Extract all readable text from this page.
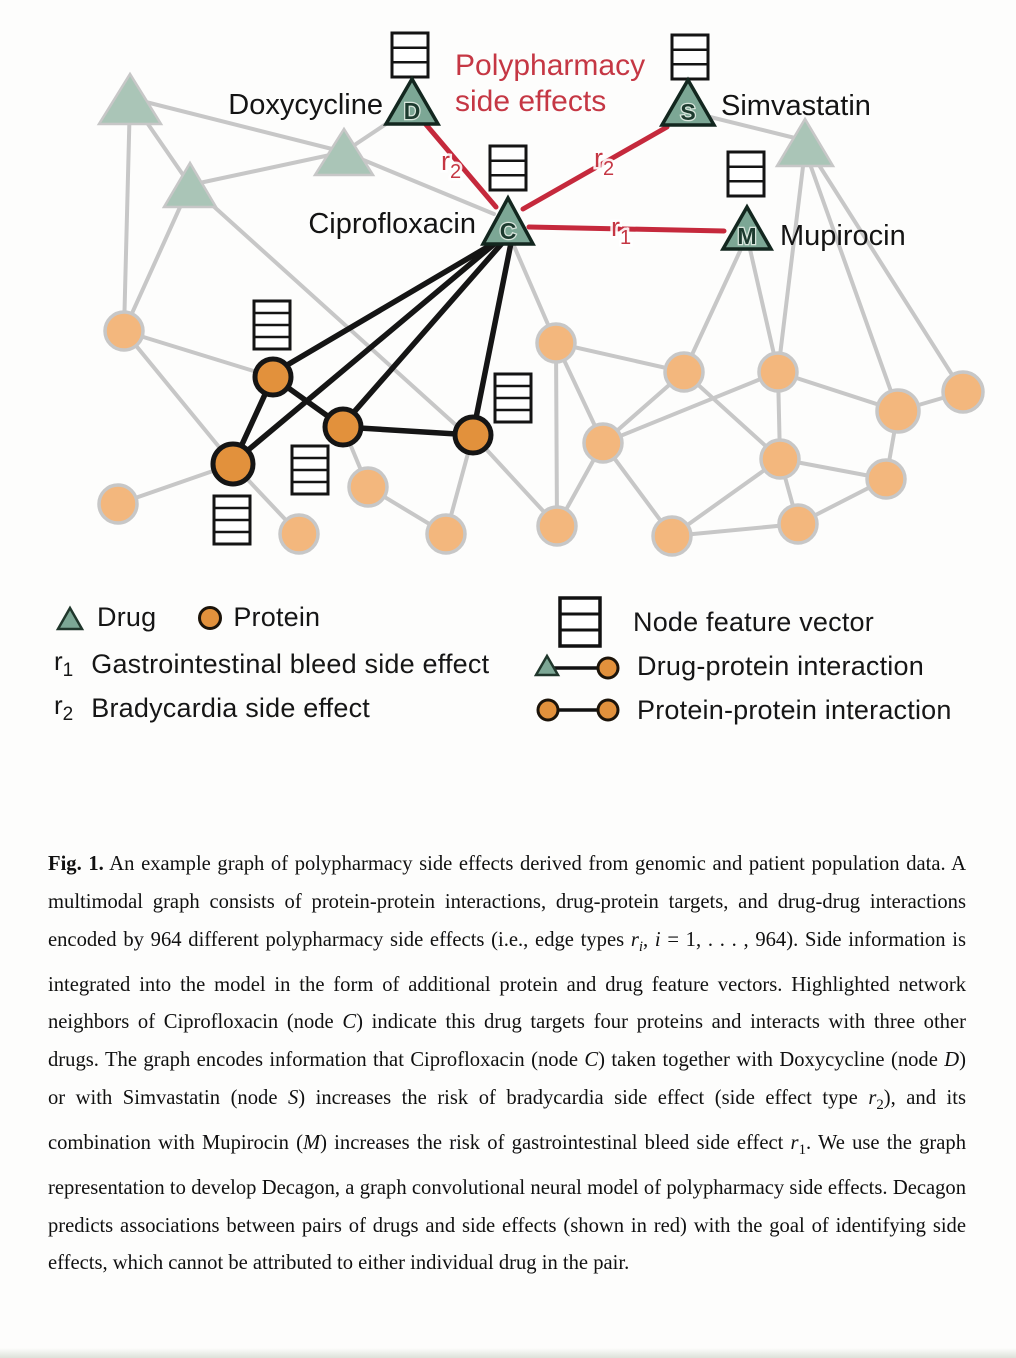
D	S
C	M
Doxycycline	Simvastatin
Ciprofloxacin	Mupirocin
Polypharmacy
side effects
$r_2$	$r_2$
$r_1$
Drug	Protein
$r_1$ Gastrointestinal bleed side effect
$r_2$ Bradycardia side effect
Node feature vector
Drug-protein interaction
Protein-protein interaction
Fig. 1. An example graph of polypharmacy side effects derived from genomic and patient population data. A multimodal graph consists of protein-protein interactions, drug-protein targets, and drug-drug interactions encoded by 964 different polypharmacy side effects (i.e., edge types $r_i$, i = 1, . . . , 964). Side information is integrated into the model in the form of additional protein and drug feature vectors. Highlighted network neighbors of Ciprofloxacin (node C) indicate this drug targets four proteins and interacts with three other drugs. The graph encodes information that Ciprofloxacin (node C) taken together with Doxycycline (node D) or with Simvastatin (node S) increases the risk of bradycardia side effect (side effect type $r_2$), and its combination with Mupirocin (M) increases the risk of gastrointestinal bleed side effect $r_1$. We use the graph representation to develop Decagon, a graph convolutional neural model of polypharmacy side effects. Decagon predicts associations between pairs of drugs and side effects (shown in red) with the goal of identifying side effects, which cannot be attributed to either individual drug in the pair.
